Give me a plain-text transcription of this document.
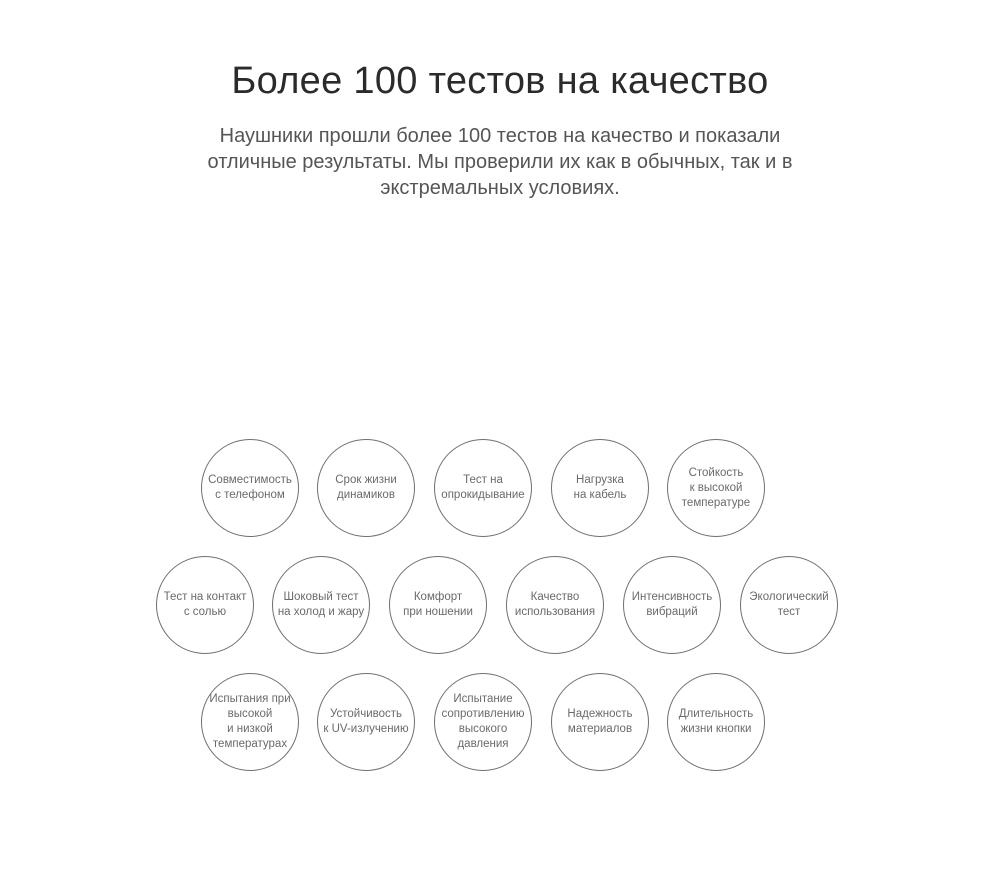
Более 100 тестов на качество
Наушники прошли более 100 тестов на качество и показали отличные результаты. Мы проверили их как в обычных, так и в экстремальных условиях.
Совместимость
с телефоном
Срок жизни
динамиков
Тест на
опрокидывание
Нагрузка
на кабель
Стойкость
к высокой
температуре
Тест на контакт
с солью
Шоковый тест
на холод и жару
Комфорт
при ношении
Качество
использования
Интенсивность
вибраций
Экологический
тест
Испытания при
высокой
и низкой
температурах
Устойчивость
к UV-излучению
Испытание
сопротивлению
высокого
давления
Надежность
материалов
Длительность
жизни кнопки
